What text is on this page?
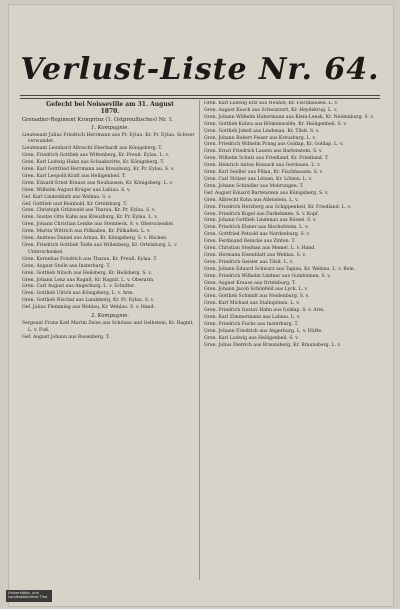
Verlust-Liste Nr. 64.

Gefecht bei Noisseville am 31. August

1870.

Grenadier-Regiment Kronprinz (1. Ostpreußisches) Nr. 1.

1. Kompagnie.

Lieutenant Julius Friedrich Herrmann aus Pr. Eylau, Kr. Pr. Eylau. Schwer verwundet.

Lieutenant Leonhard Albrecht Eberhardt aus Königsberg. T.

Gren. Friedrich Gottlieb aus Wittenberg, Kr. Preuß. Eylau. L. v.

Gren. Karl Ludwig Hahn aus Schaaksvitte, Kr. Königsberg. T.

Gren. Karl Gottfried Herrmann aus Kreuzburg, Kr. Pr. Eylau. S. v.

Gren. Karl Leopold Kraft aus Heiligenbeil. T.

Gren. Eduard Ernst Krause aus Neuhausen, Kr. Königsberg. L. v.

Gren. Wilhelm August Krüger aus Labiau. S. v.

Gef. Karl Lindenblatt aus Wehlau. S. v.

Gef. Gottlieb und Reinhold, Kr. Ortelsburg. T.

Gren. Christoph Grünwald aus Tharau, Kr. Pr. Eylau. S. v.

Gren. Gustav Otto Kahn aus Kreuzburg, Kr. Pr. Eylau. L. v.

Gren. Johann Christian Lemke aus Steinbeck. S. v. Oberschenkel.

Gren. Martin Wittrich aus Pillkallen, Kr. Pillkallen. L. v.

Gren. Andreas Daniel aus Arnau, Kr. Königsberg. S. v. Rücken.

Gren. Friedrich Gottlieb Tolde aus Willenberg, Kr. Ortelsburg. L. v. Unterschenkel.

Gren. Kornelius Friedrich aus Tharau, Kr. Preuß. Eylau. T.

Gren. August Stolle aus Insterburg. T.

Gren. Gottlieb Nitsch aus Heilsberg, Kr. Heilsberg. S. v.

Gren. Johann Lenz aus Ragnit, Kr. Ragnit. L. v. Oberarm.

Gren. Carl August aus Angerburg. L. v. Schulter.

Gren. Gottlieb Ulrich aus Königsberg. L. v. Arm.

Gren. Gottlieb Nischal aus Landsberg, Kr. Pr. Eylau. S. v.

Gef. Julius Flemming aus Wehlau, Kr. Wehlau. S. v. Hand.

2. Kompagnie.

Sergeant Franz Karl Martin Zeise aus Schönau und Gelbstein, Kr. Ragnit. L. v. Fuß.

Gef. August Johann aus Rosenberg. T.

Gren. Karl Ludwig Eltz aus Neuhof, Kr. Fischhausen. L. v.

Gren. August Kusch aus Schwarzort, Kr. Heydekrug. L. v.

Gren. Johann Wilhelm Habermann aus Klein-Lensk, Kr. Neidenburg. S. v.

Gren. Gottlieb Kalwa aus Bönkenwalde, Kr. Heiligenbeil. S. v.

Gren. Gottlieb Jokell aus Lindenau, Kr. Tilsit. S. v.

Gren. Johann Robert Feiser aus Kreuzburg. L. v.

Gren. Friedrich Wilhelm Prang aus Goldap, Kr. Goldap. L. v.

Gren. Ernst Friedrich Lassen aus Bartenstein. S. v.

Gren. Wilhelm Schulz aus Friedland, Kr. Friedland. T.

Gren. Heinrich Anton Kossack aus Gerdauen. L. v.

Gren. Karl Seidler aus Pillau, Kr. Fischhausen. S. v.

Gren. Carl Stölzer aus Lötzen, Kr. Lötzen. L. v.

Gren. Johann Schindler aus Mohrungen. T.

Gef. August Eduard Bartenstein aus Königsberg. S. v.

Gren. Albrecht Kohn aus Allenstein. L. v.

Gren. Friedrich Herzberg aus Schippenbeil, Kr. Friedland. L. v.

Gren. Friedrich Kugel aus Darkehmen. S. v. Kopf.

Gren. Johann Gottlieb Lindenau aus Rössel. S. v.

Gren. Friedrich Elsner aus Bischofstein. L. v.

Gren. Gottfried Petzold aus Nordenburg. S. v.

Gren. Ferdinand Reincke aus Zinten. T.

Gren. Christian Stephan aus Memel. L. v. Hand.

Gren. Hermann Eisenblatt aus Wehlau. S. v.

Gren. Friedrich Geisler aus Tilsit. L. v.

Gren. Johann Eduard Schwarz aus Tapiau, Kr. Wehlau. L. v. Bein.

Gren. Friedrich Wilhelm Lindner aus Gumbinnen. S. v.

Gren. August Krause aus Ortelsburg. T.

Gren. Johann Jacob Schönfeld aus Lyck. L. v.

Gren. Gottlieb Schmidt aus Neidenburg. S. v.

Gren. Karl Michael aus Stallupönen. L. v.

Gren. Friedrich Gustav Hahn aus Goldap. S. v. Arm.

Gren. Karl Zimmermann aus Labiau. L. v.

Gren. Friedrich Fuchs aus Insterburg. T.

Gren. Johann Friedrich aus Angerburg. L. v. Hüfte.

Gren. Karl Ludwig aus Heiligenbeil. S. v.

Gren. Julius Dietrich aus Braunsberg, Kr. Braunsberg. L. v.

Universitäts- und Landesbibliothek Tirol
